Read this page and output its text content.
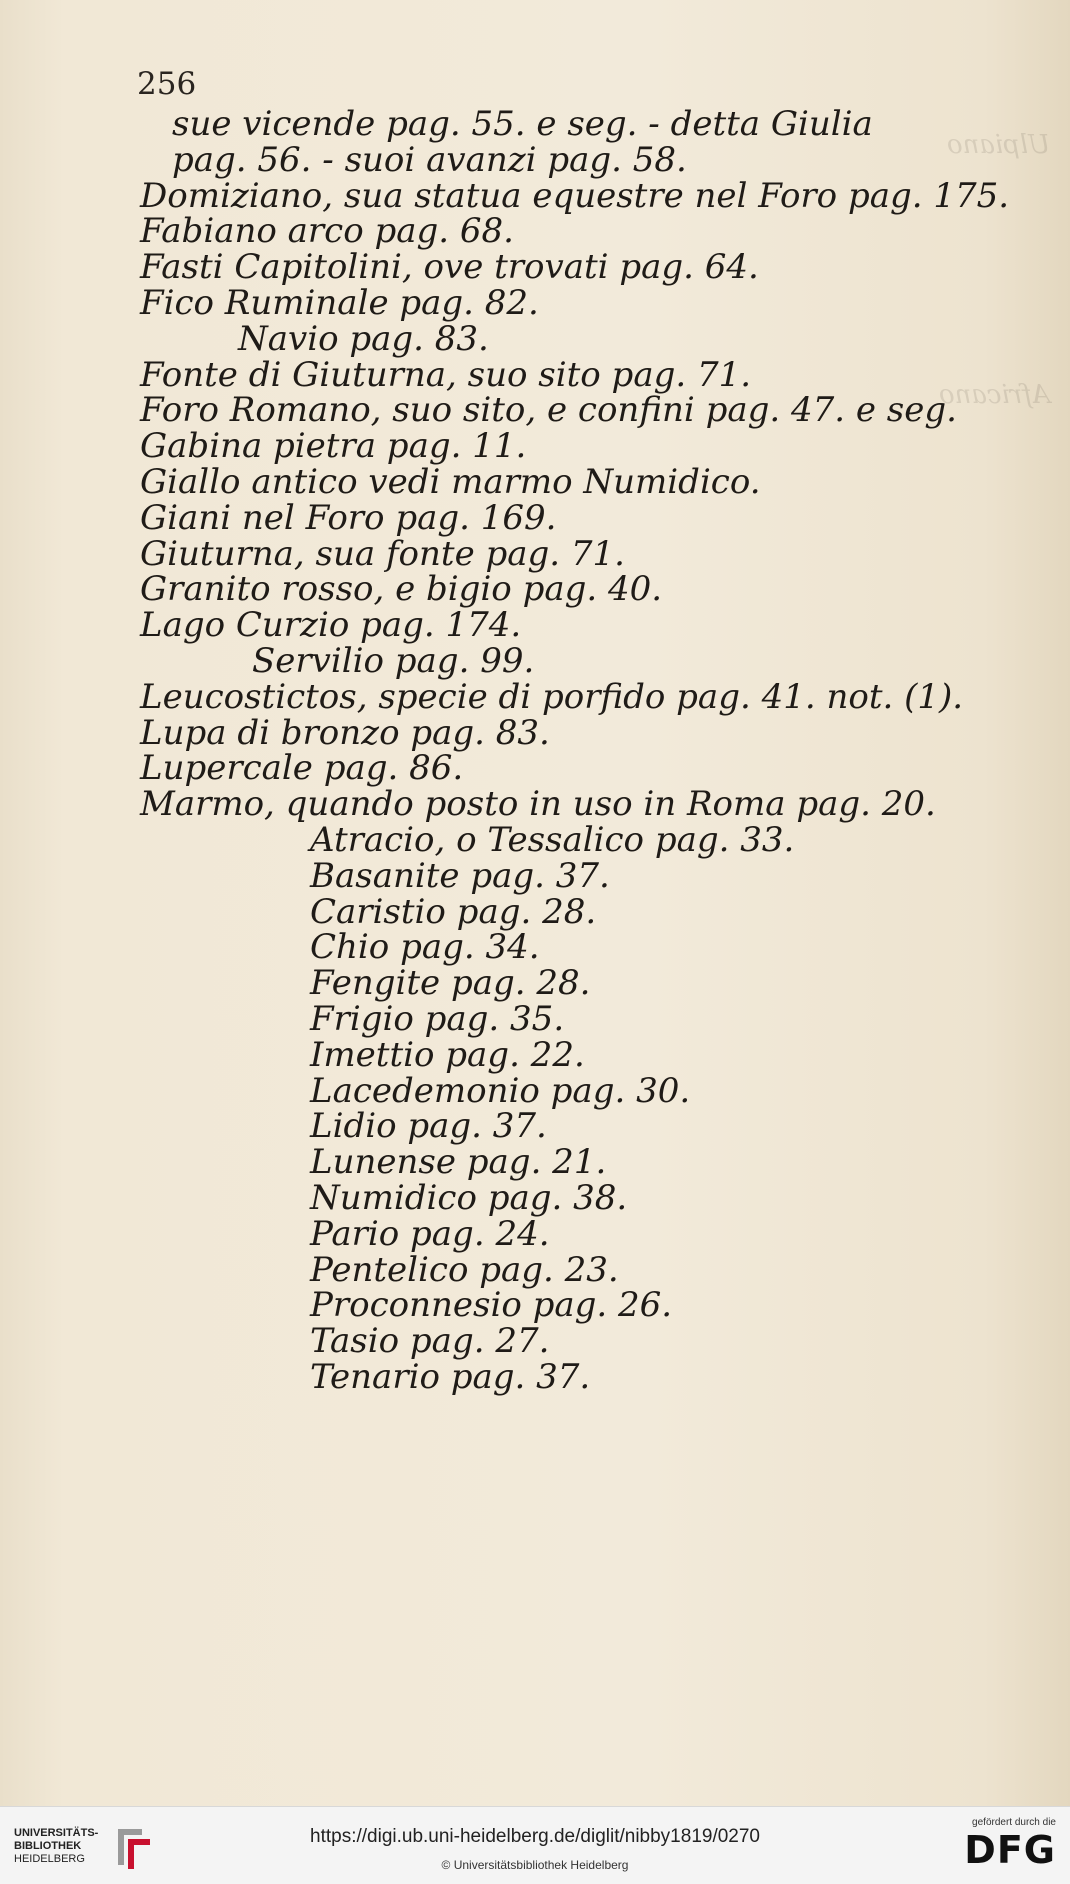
256

Ulpiano
Africano
sue vicende pag. 55. e seg. - detta Giulia
pag. 56. - suoi avanzi pag. 58.
Domiziano, sua statua equestre nel Foro pag. 175.
Fabiano arco pag. 68.
Fasti Capitolini, ove trovati pag. 64.
Fico Ruminale pag. 82.
Navio pag. 83.
Fonte di Giuturna, suo sito pag. 71.
Foro Romano, suo sito, e confini pag. 47. e seg.
Gabina pietra pag. 11.
Giallo antico vedi marmo Numidico.
Giani nel Foro pag. 169.
Giuturna, sua fonte pag. 71.
Granito rosso, e bigio pag. 40.
Lago Curzio pag. 174.
Servilio pag. 99.
Leucostictos, specie di porfido pag. 41. not. (1).
Lupa di bronzo pag. 83.
Lupercale pag. 86.
Marmo, quando posto in uso in Roma pag. 20.
Atracio, o Tessalico pag. 33.
Basanite pag. 37.
Caristio pag. 28.
Chio pag. 34.
Fengite pag. 28.
Frigio pag. 35.
Imettio pag. 22.
Lacedemonio pag. 30.
Lidio pag. 37.
Lunense pag. 21.
Numidico pag. 38.
Pario pag. 24.
Pentelico pag. 23.
Proconnesio pag. 26.
Tasio pag. 27.
Tenario pag. 37.

UNIVERSITÄTS-
BIBLIOTHEK
HEIDELBERG

https://digi.ub.uni-heidelberg.de/diglit/nibby1819/0270
© Universitätsbibliothek Heidelberg
gefördert durch die
DFG
